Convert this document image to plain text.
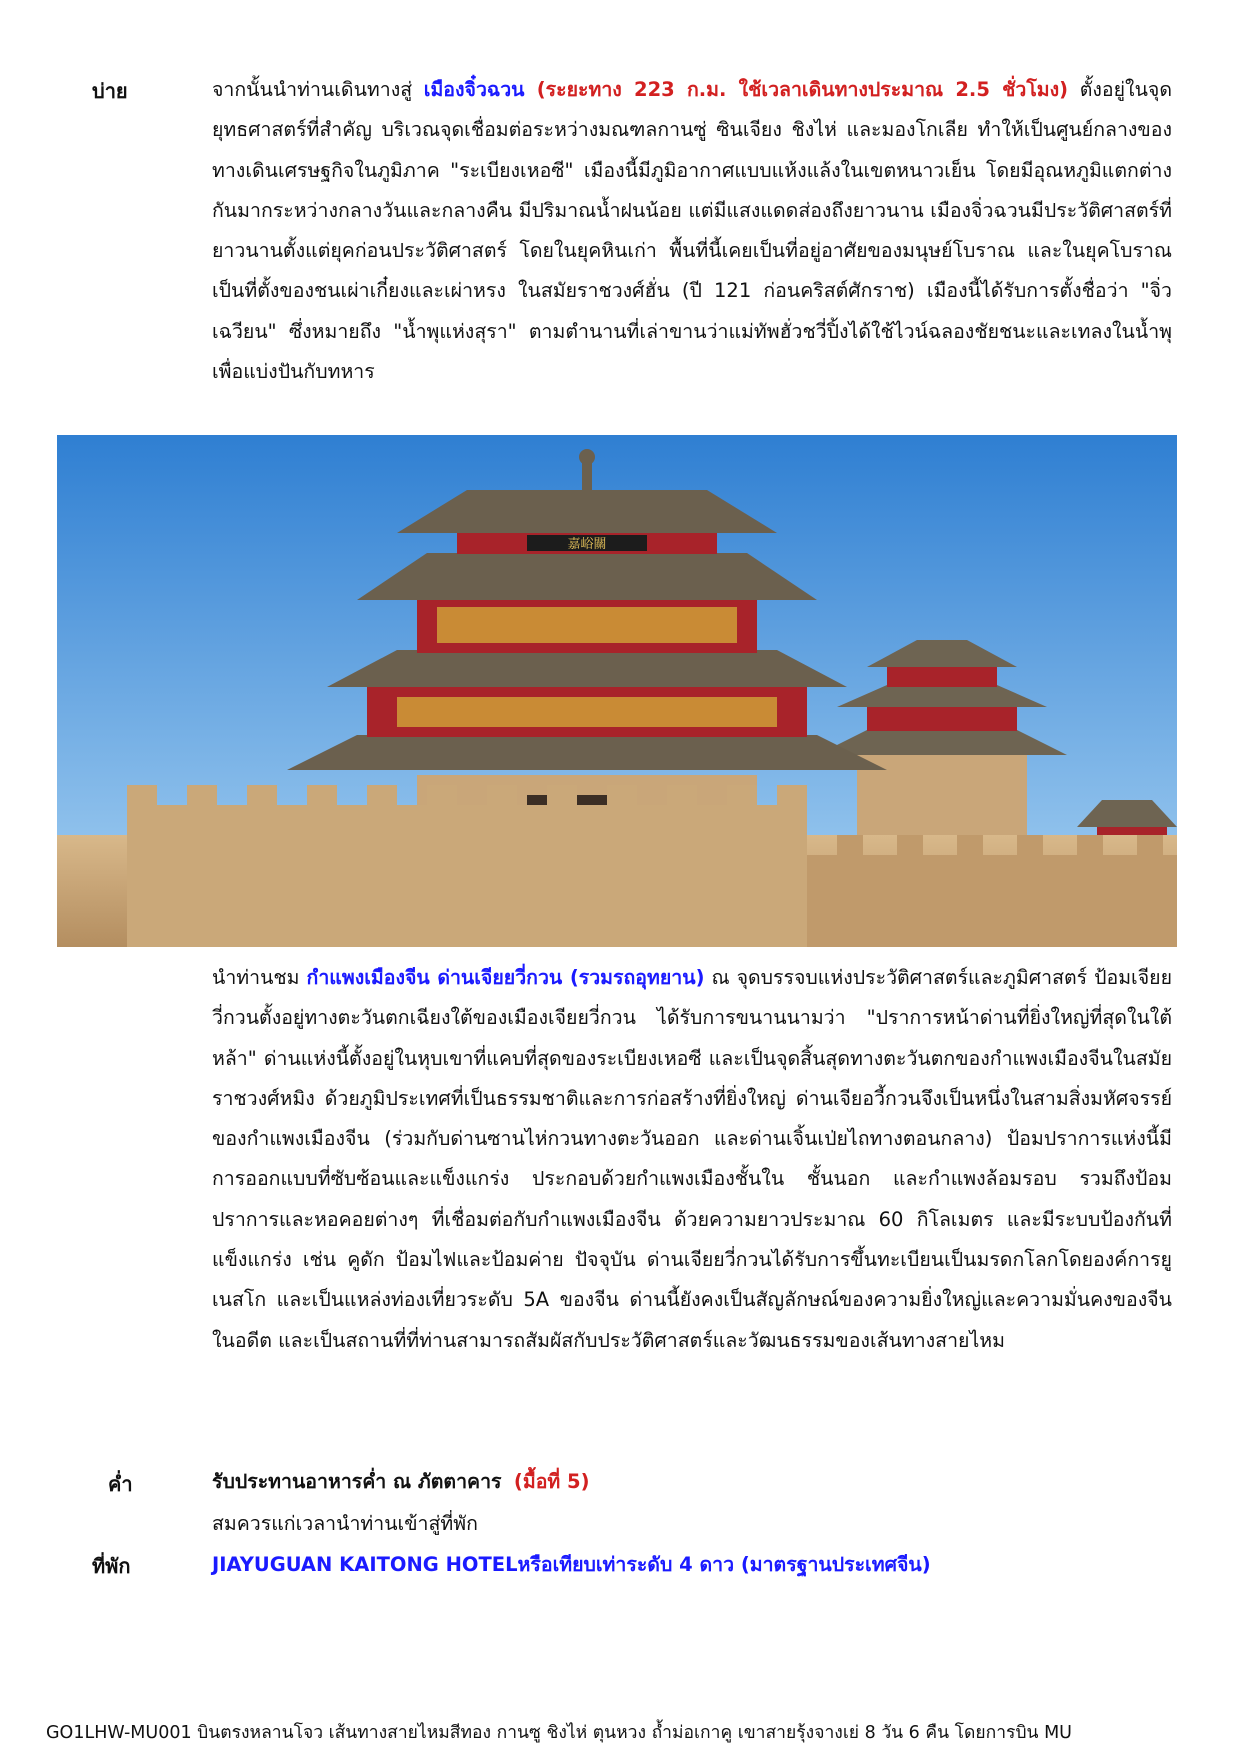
บ่าย	จากนั้นนำท่านเดินทางสู่ เมืองจิ๋วฉวน (ระยะทาง 223 ก.ม. ใช้เวลาเดินทางประมาณ 2.5 ชั่วโมง) ตั้งอยู่ในจุดยุทธศาสตร์ที่สำคัญ บริเวณจุดเชื่อมต่อระหว่างมณฑลกานซู่ ซินเจียง ชิงไห่ และมองโกเลีย ทำให้เป็นศูนย์กลางของทางเดินเศรษฐกิจในภูมิภาค "ระเบียงเหอซี" เมืองนี้มีภูมิอากาศแบบแห้งแล้งในเขตหนาวเย็น โดยมีอุณหภูมิแตกต่างกันมากระหว่างกลางวันและกลางคืน มีปริมาณน้ำฝนน้อย แต่มีแสงแดดส่องถึงยาวนาน เมืองจิ่วฉวนมีประวัติศาสตร์ที่ยาวนานตั้งแต่ยุคก่อนประวัติศาสตร์ โดยในยุคหินเก่า พื้นที่นี้เคยเป็นที่อยู่อาศัยของมนุษย์โบราณ และในยุคโบราณเป็นที่ตั้งของชนเผ่าเกี๋ยงและเผ่าหรง ในสมัยราชวงศ์ฮั่น (ปี 121 ก่อนคริสต์ศักราช) เมืองนี้ได้รับการตั้งชื่อว่า "จิ่วเฉวียน" ซึ่งหมายถึง "น้ำพุแห่งสุรา" ตามตำนานที่เล่าขานว่าแม่ทัพฮั่วชวี่ปิ้งได้ใช้ไวน์ฉลองชัยชนะและเทลงในน้ำพุเพื่อแบ่งปันกับทหาร
嘉峪關
นำท่านชม กำแพงเมืองจีน ด่านเจียยวี่กวน (รวมรถอุทยาน) ณ จุดบรรจบแห่งประวัติศาสตร์และภูมิศาสตร์ ป้อมเจียยวี่กวนตั้งอยู่ทางตะวันตกเฉียงใต้ของเมืองเจียยวี่กวน ได้รับการขนานนามว่า "ปราการหน้าด่านที่ยิ่งใหญ่ที่สุดในใต้หล้า" ด่านแห่งนี้ตั้งอยู่ในหุบเขาที่แคบที่สุดของระเบียงเหอซี และเป็นจุดสิ้นสุดทางตะวันตกของกำแพงเมืองจีนในสมัยราชวงศ์หมิง ด้วยภูมิประเทศที่เป็นธรรมชาติและการก่อสร้างที่ยิ่งใหญ่ ด่านเจียอวี้กวนจึงเป็นหนึ่งในสามสิ่งมหัศจรรย์ของกำแพงเมืองจีน (ร่วมกับด่านซานไห่กวนทางตะวันออก และด่านเจิ้นเป่ยไถทางตอนกลาง) ป้อมปราการแห่งนี้มีการออกแบบที่ซับซ้อนและแข็งแกร่ง ประกอบด้วยกำแพงเมืองชั้นใน ชั้นนอก และกำแพงล้อมรอบ รวมถึงป้อมปราการและหอคอยต่างๆ ที่เชื่อมต่อกับกำแพงเมืองจีน ด้วยความยาวประมาณ 60 กิโลเมตร และมีระบบป้องกันที่แข็งแกร่ง เช่น คูดัก ป้อมไฟและป้อมค่าย ปัจจุบัน ด่านเจียยวี่กวนได้รับการขึ้นทะเบียนเป็นมรดกโลกโดยองค์การยูเนสโก และเป็นแหล่งท่องเที่ยวระดับ 5A ของจีน ด่านนี้ยังคงเป็นสัญลักษณ์ของความยิ่งใหญ่และความมั่นคงของจีนในอดีต และเป็นสถานที่ที่ท่านสามารถสัมผัสกับประวัติศาสตร์และวัฒนธรรมของเส้นทางสายไหม
ค่ำ	รับประทานอาหารค่ำ ณ ภัตตาคาร (มื้อที่ 5)
สมควรแก่เวลานำท่านเข้าสู่ที่พัก
ที่พัก	JIAYUGUAN KAITONG HOTELหรือเทียบเท่าระดับ 4 ดาว (มาตรฐานประเทศจีน)
GO1LHW-MU001 บินตรงหลานโจว เส้นทางสายไหมสีทอง กานซู ชิงไห่ ตุนหวง ถ้ำม่อเกาคู เขาสายรุ้งจางเย่ 8 วัน 6 คืน โดยการบิน MU
